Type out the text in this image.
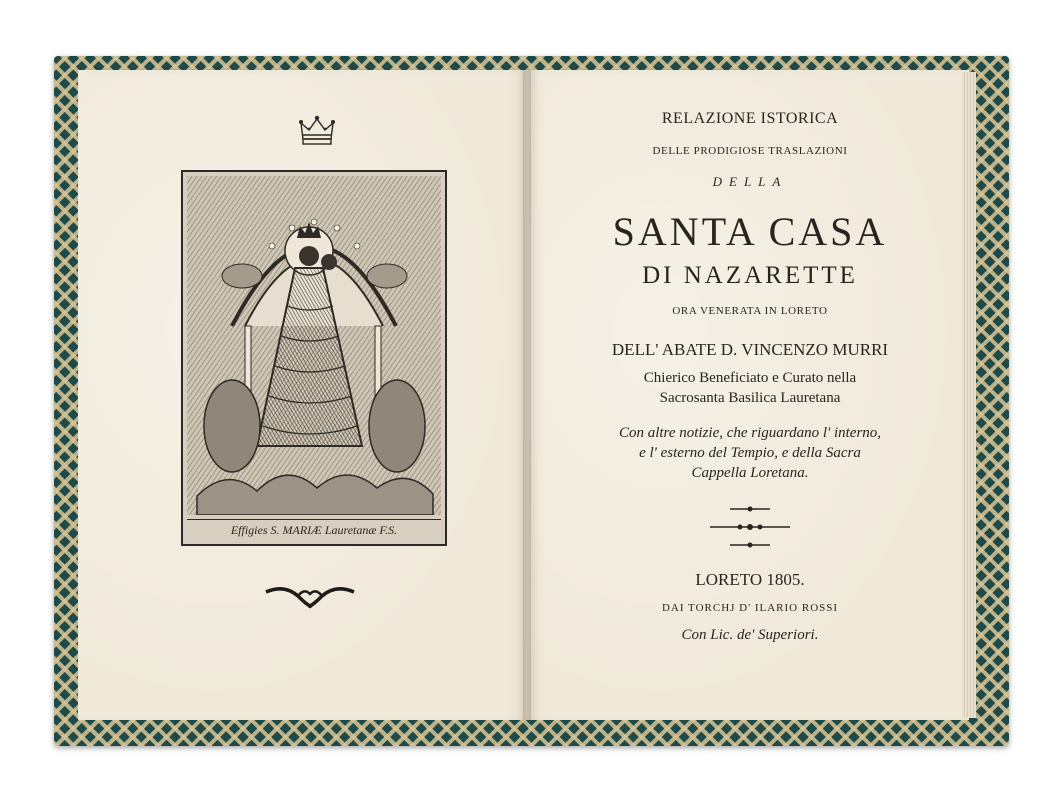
Effigies S. MARIÆ Lauretanæ F.S.
RELAZIONE ISTORICA
DELLE PRODIGIOSE TRASLAZIONI
DELLA
SANTA CASA
DI NAZARETTE
ORA VENERATA IN LORETO
DELL' ABATE D. VINCENZO MURRI
Chierico Beneficiato e Curato nella
Sacrosanta Basilica Lauretana
Con altre notizie, che riguardano l' interno,
e l' esterno del Tempio, e della Sacra
Cappella Loretana.
LORETO 1805.
DAI TORCHJ D' ILARIO ROSSI
Con Lic. de' Superiori.
